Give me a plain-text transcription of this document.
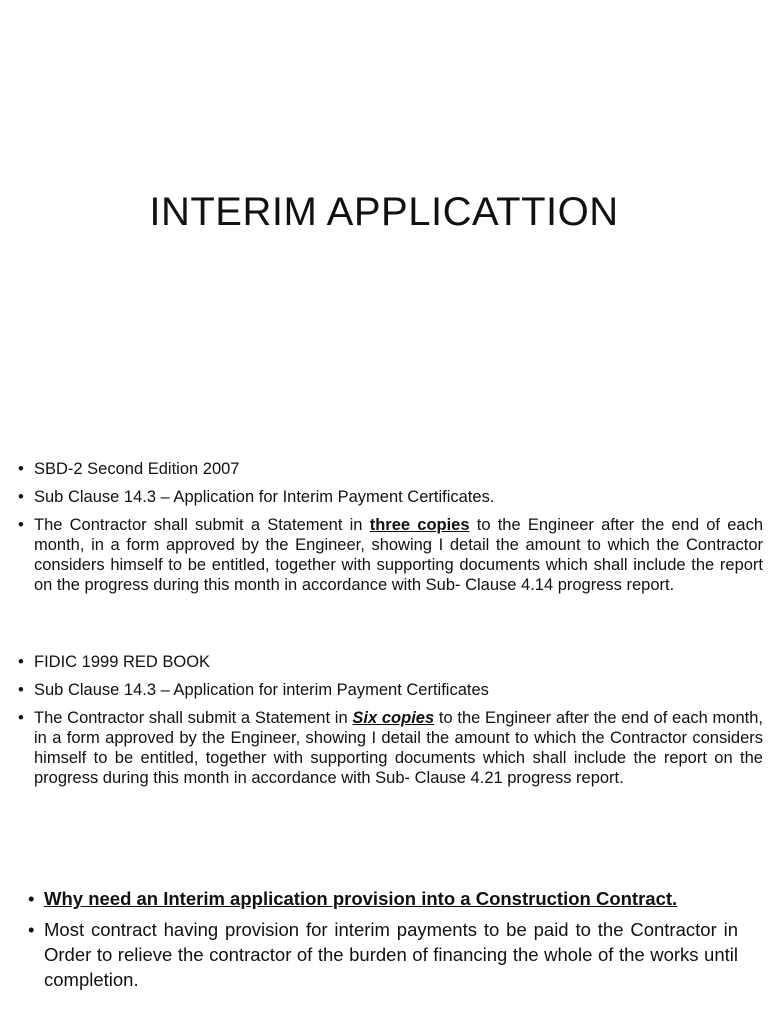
INTERIM APPLICATTION
• SBD-2 Second Edition 2007
• Sub Clause 14.3 – Application for Interim Payment Certificates.
• The Contractor shall submit a Statement in three copies to the Engineer after the end of each month, in a form approved by the Engineer, showing I detail the amount to which the Contractor considers himself to be entitled, together with supporting documents which shall include the report on the progress during this month in accordance with Sub- Clause 4.14 progress report.
• FIDIC 1999 RED BOOK
• Sub Clause 14.3 – Application for interim Payment Certificates
• The Contractor shall submit a Statement in Six copies to the Engineer after the end of each month, in a form approved by the Engineer, showing I detail the amount to which the Contractor considers himself to be entitled, together with supporting documents which shall include the report on the progress during this month in accordance with Sub- Clause 4.21 progress report.
• Why need an Interim application provision into a Construction Contract.
• Most contract having provision for interim payments to be paid to the Contractor in Order to relieve the contractor of the burden of financing the whole of the works until completion.
